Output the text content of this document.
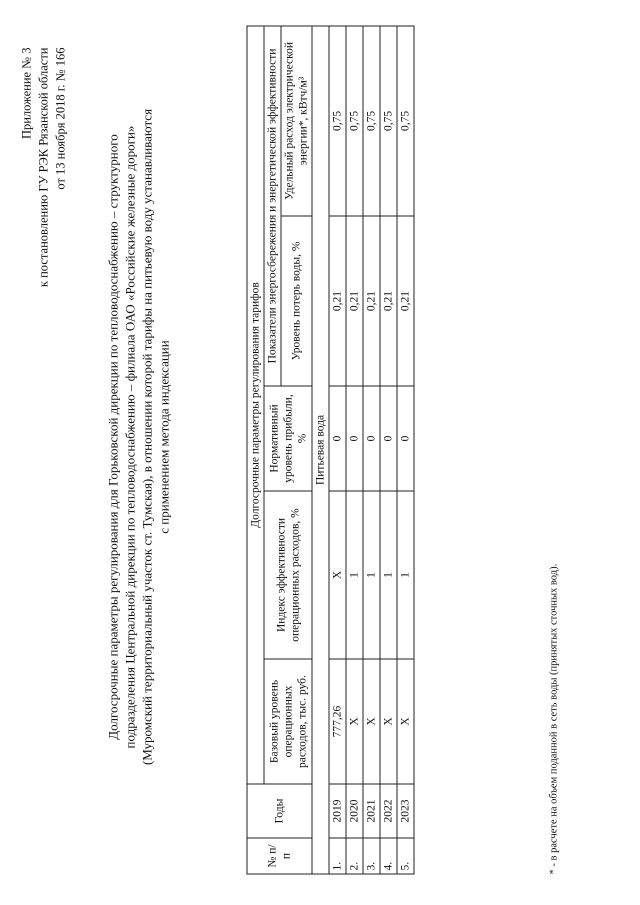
Приложение № 3 к постановлению ГУ РЭК Рязанской области от 13 ноября 2018 г. № 166
Долгосрочные параметры регулирования для Горьковской дирекции по тепловодоснабжению – структурного подразделения Центральной дирекции по тепловодоснабжению – филиала ОАО «Российские железные дороги» (Муромский территориальный участок ст. Тумская), в отношении которой тарифы на питьевую воду устанавливаются с применением метода индексации
№ п/п	Годы	Долгосрочные параметры регулирования тарифов				
		Базовый уровень операционных расходов, тыс. руб.	Индекс эффективности операционных расходов, %	Нормативный уровень прибыли, %	Показатели энергосбережения и энергетической эффективности	
					Уровень потерь воды, %	Удельный расход электрической энергии*, кВтч/м³
Питьевая вода						
1.	2019	777,26	Х	0	0,21	0,75
2.	2020	Х	1	0	0,21	0,75
3.	2021	Х	1	0	0,21	0,75
4.	2022	Х	1	0	0,21	0,75
5.	2023	Х	1	0	0,21	0,75
* - в расчете на объем поданной в сеть воды (принятых сточных вод).
